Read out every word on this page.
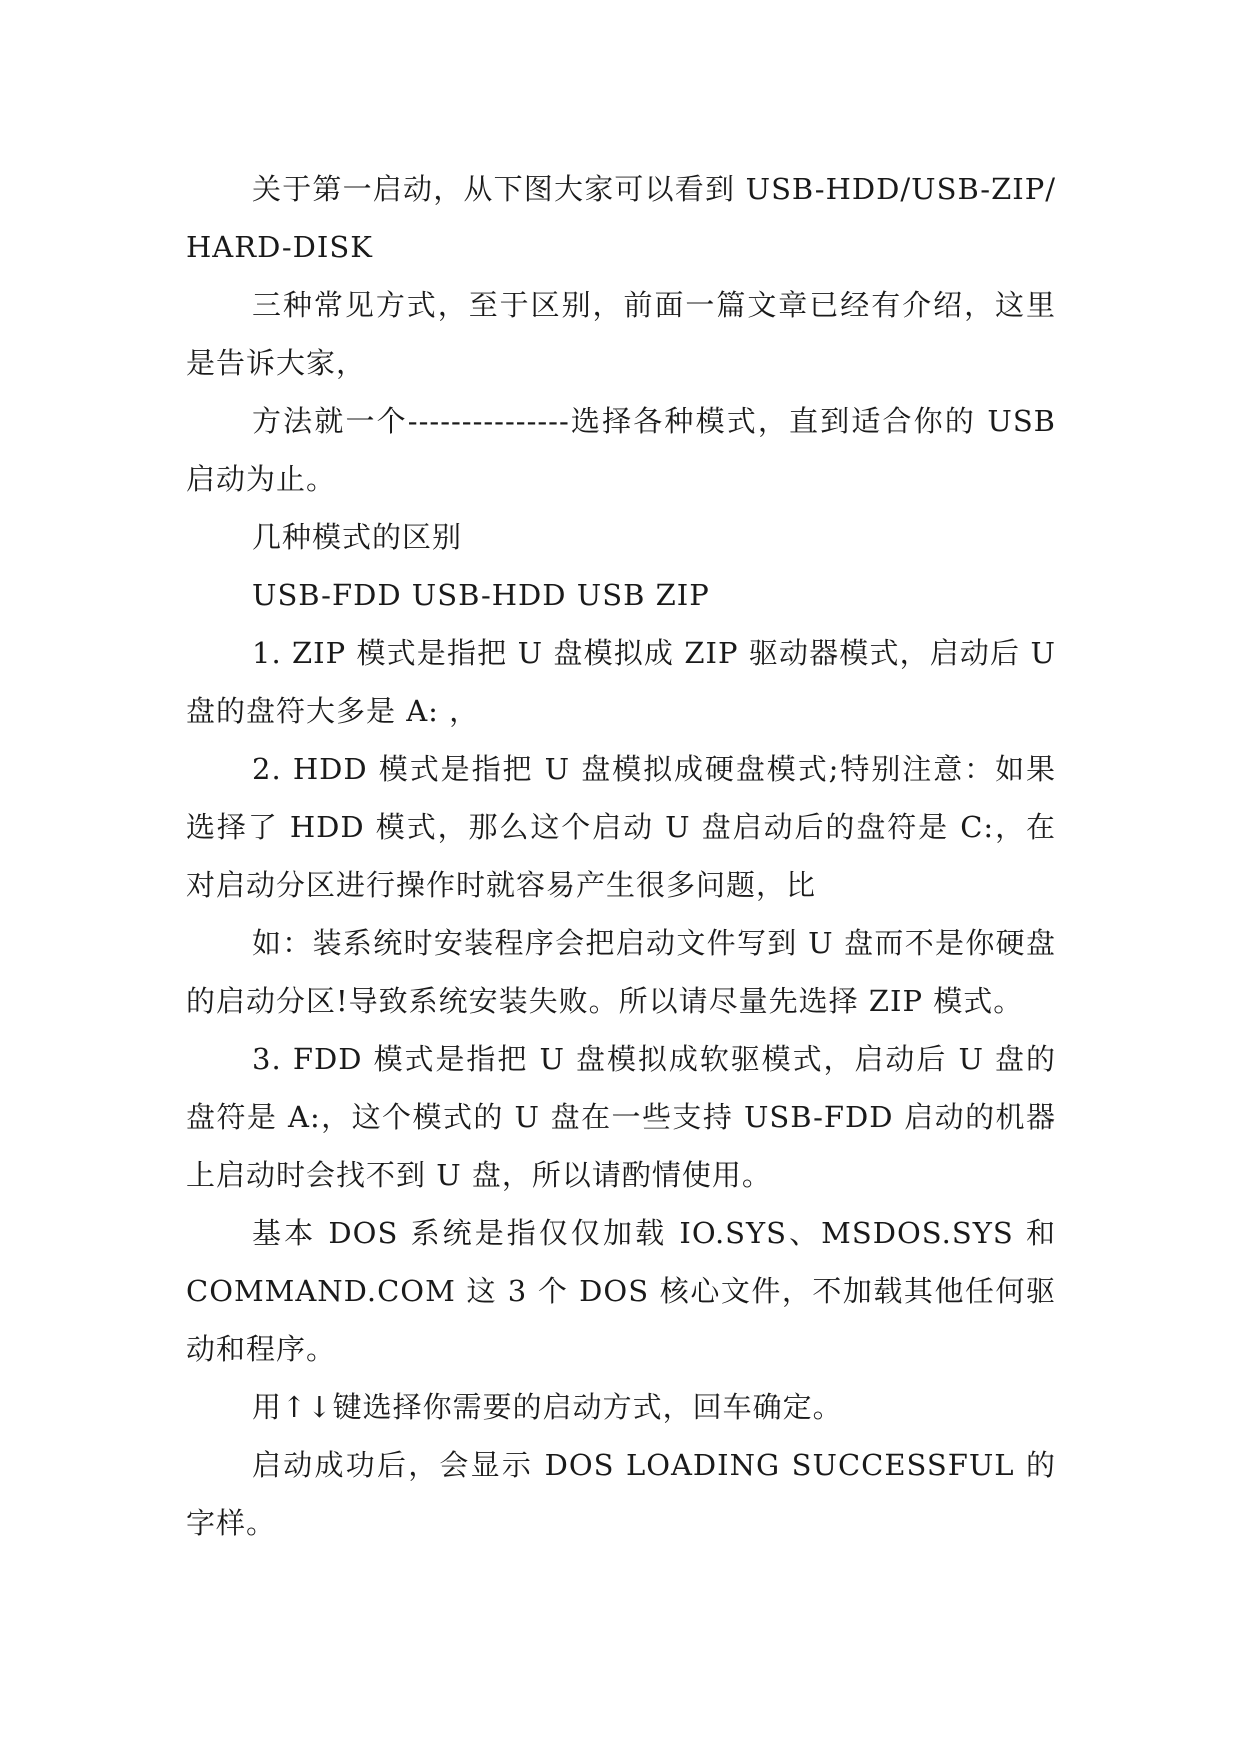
关于第一启动，从下图大家可以看到 USB-HDD/USB-ZIP/HARD-DISK

三种常见方式，至于区别，前面一篇文章已经有介绍，这里是告诉大家，

方法就一个---------------选择各种模式，直到适合你的 USB 启动为止。

几种模式的区别

USB-FDD USB-HDD USB ZIP

1. ZIP 模式是指把 U 盘模拟成 ZIP 驱动器模式，启动后 U 盘的盘符大多是 A: ，

2. HDD 模式是指把 U 盘模拟成硬盘模式;特别注意：如果选择了 HDD 模式，那么这个启动 U 盘启动后的盘符是 C:，在对启动分区进行操作时就容易产生很多问题，比

如：装系统时安装程序会把启动文件写到 U 盘而不是你硬盘的启动分区!导致系统安装失败。所以请尽量先选择 ZIP 模式。

3. FDD 模式是指把 U 盘模拟成软驱模式，启动后 U 盘的盘符是 A:，这个模式的 U 盘在一些支持 USB-FDD 启动的机器上启动时会找不到 U 盘，所以请酌情使用。

基本 DOS 系统是指仅仅加载 IO.SYS、MSDOS.SYS 和 COMMAND.COM 这 3 个 DOS 核心文件，不加载其他任何驱动和程序。

用↑↓键选择你需要的启动方式，回车确定。

启动成功后，会显示 DOS LOADING SUCCESSFUL 的字样。
